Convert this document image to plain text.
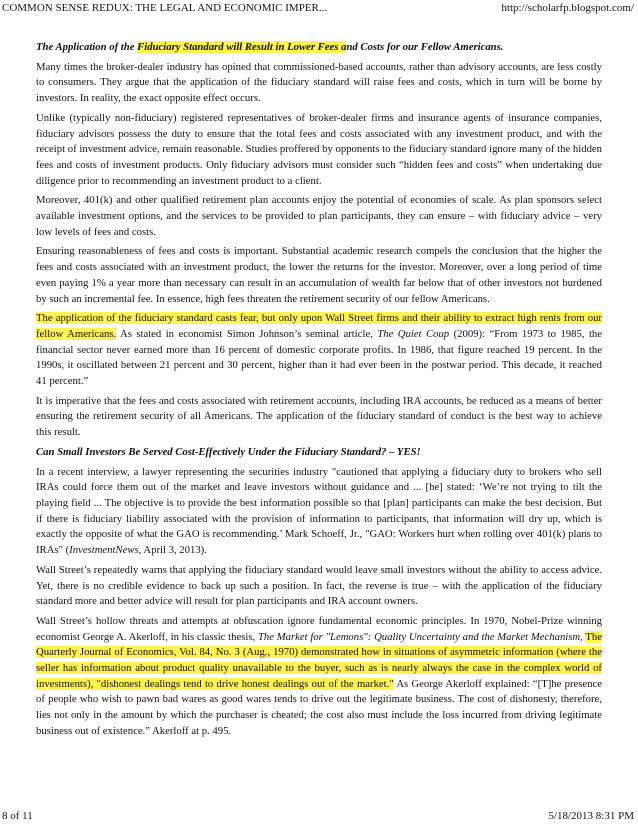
COMMON SENSE REDUX: THE LEGAL AND ECONOMIC IMPER...	http://scholarfp.blogspot.com/

The Application of the Fiduciary Standard will Result in Lower Fees and Costs for our Fellow Americans.

Many times the broker-dealer industry has opined that commissioned-based accounts, rather than advisory accounts, are less costly to consumers. They argue that the application of the fiduciary standard will raise fees and costs, which in turn will be borne by investors. In reality, the exact opposite effect occurs.

Unlike (typically non-fiduciary) registered representatives of broker-dealer firms and insurance agents of insurance companies, fiduciary advisors possess the duty to ensure that the total fees and costs associated with any investment product, and with the receipt of investment advice, remain reasonable. Studies proffered by opponents to the fiduciary standard ignore many of the hidden fees and costs of investment products. Only fiduciary advisors must consider such “hidden fees and costs” when undertaking due diligence prior to recommending an investment product to a client.

Moreover, 401(k) and other qualified retirement plan accounts enjoy the potential of economies of scale. As plan sponsors select available investment options, and the services to be provided to plan participants, they can ensure – with fiduciary advice – very low levels of fees and costs.

Ensuring reasonableness of fees and costs is important. Substantial academic research compels the conclusion that the higher the fees and costs associated with an investment product, the lower the returns for the investor. Moreover, over a long period of time even paying 1% a year more than necessary can result in an accumulation of wealth far below that of other investors not burdened by such an incremental fee. In essence, high fees threaten the retirement security of our fellow Americans.

The application of the fiduciary standard casts fear, but only upon Wall Street firms and their ability to extract high rents from our fellow Americans. As stated in economist Simon Johnson’s seminal article, The Quiet Coup (2009): “From 1973 to 1985, the financial sector never earned more than 16 percent of domestic corporate profits. In 1986, that figure reached 19 percent. In the 1990s, it oscillated between 21 percent and 30 percent, higher than it had ever been in the postwar period. This decade, it reached 41 percent.”

It is imperative that the fees and costs associated with retirement accounts, including IRA accounts, be reduced as a means of better ensuring the retirement security of all Americans. The application of the fiduciary standard of conduct is the best way to achieve this result.

Can Small Investors Be Served Cost-Effectively Under the Fiduciary Standard? – YES!

In a recent interview, a lawyer representing the securities industry "cautioned that applying a fiduciary duty to brokers who sell IRAs could force them out of the market and leave investors without guidance and ... [he] stated: ‘We’re not trying to tilt the playing field ... The objective is to provide the best information possible so that [plan] participants can make the best decision. But if there is fiduciary liability associated with the provision of information to participants, that information will dry up, which is exactly the opposite of what the GAO is recommending.’ Mark Schoeff, Jr., "GAO: Workers hurt when rolling over 401(k) plans to IRAs" (InvestmentNews, April 3, 2013).

Wall Street’s repeatedly warns that applying the fiduciary standard would leave small investors without the ability to access advice. Yet, there is no credible evidence to back up such a position. In fact, the reverse is true – with the application of the fiduciary standard more and better advice will result for plan participants and IRA account owners.

Wall Street’s hollow threats and attempts at obfuscation ignore fundamental economic principles. In 1970, Nobel-Prize winning economist George A. Akerloff, in his classic thesis, The Market for "Lemons": Quality Uncertainty and the Market Mechanism, The Quarterly Journal of Economics, Vol. 84, No. 3 (Aug., 1970) demonstrated how in situations of asymmetric information (where the seller has information about product quality unavailable to the buyer, such as is nearly always the case in the complex world of investments), "dishonest dealings tend to drive honest dealings out of the market." As George Akerloff explained: “[T]he presence of people who wish to pawn bad wares as good wares tends to drive out the legitimate business. The cost of dishonesty, therefore, lies not only in the amount by which the purchaser is cheated; the cost also must include the loss incurred from driving legitimate business out of existence.” Akerloff at p. 495.

8 of 11	5/18/2013 8:31 PM
